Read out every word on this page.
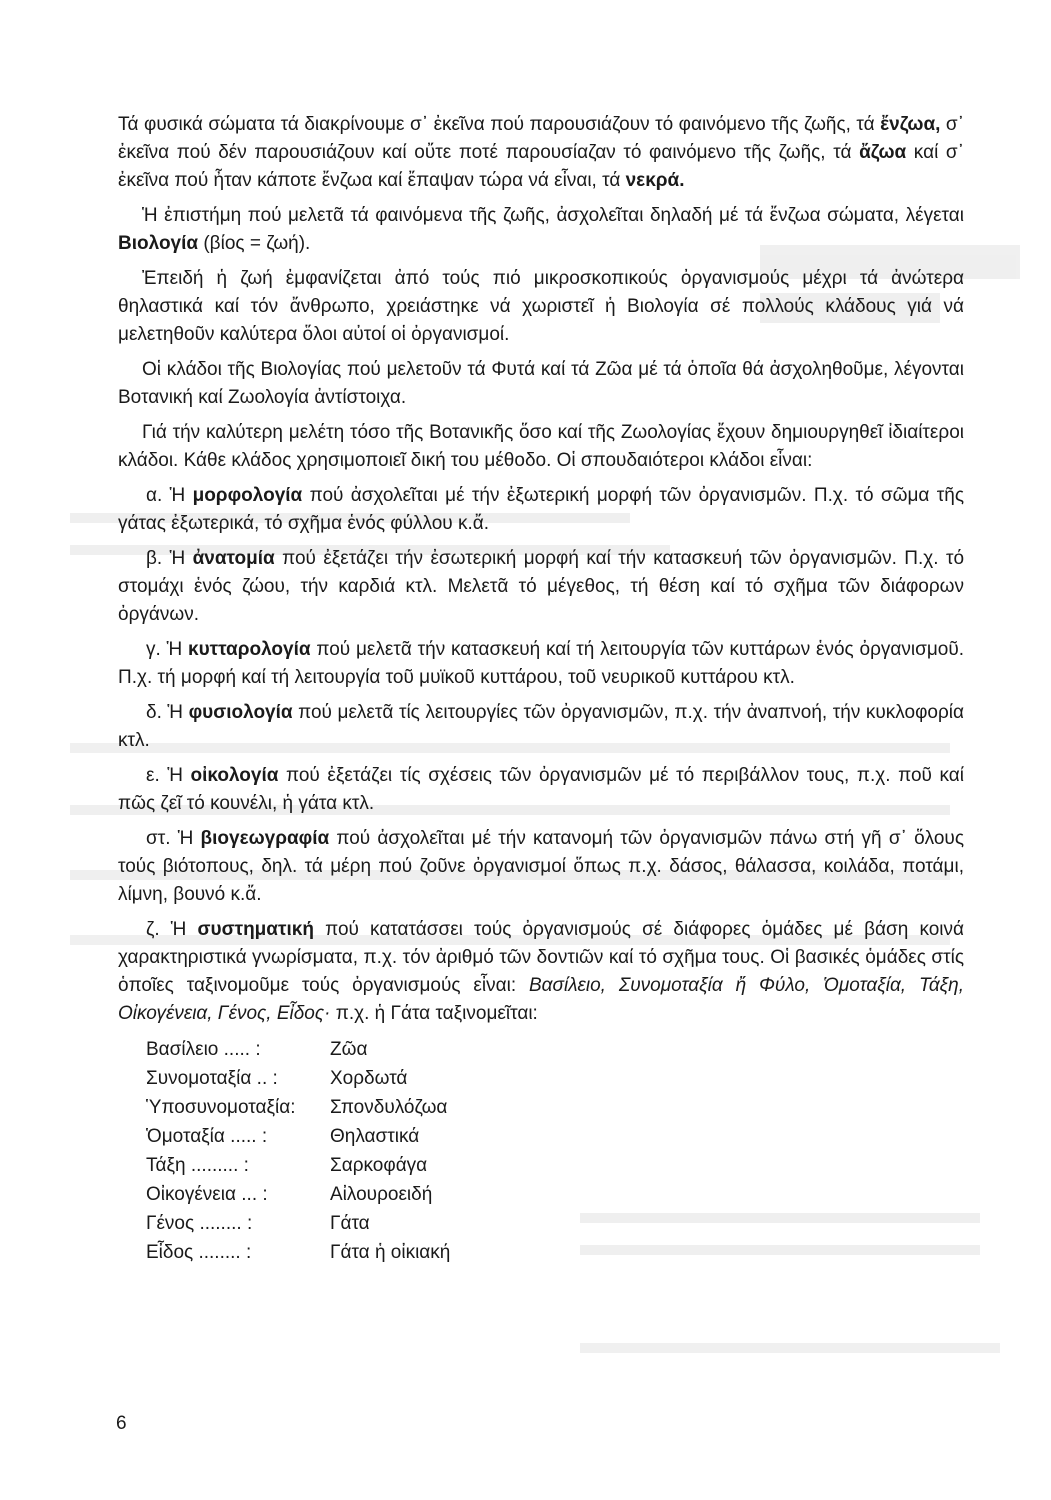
Τά φυσικά σώματα τά διακρίνουμε σ᾽ ἐκεῖνα πού παρουσιάζουν τό φαινόμενο τῆς ζωῆς, τά ἔνζωα, σ᾽ ἐκεῖνα πού δέν παρουσιάζουν καί οὔτε ποτέ παρουσίαζαν τό φαινόμενο τῆς ζωῆς, τά ἄζωα καί σ᾽ ἐκεῖνα πού ἦταν κάποτε ἔνζωα καί ἔπαψαν τώρα νά εἶναι, τά νεκρά.

Ἡ ἐπιστήμη πού μελετᾶ τά φαινόμενα τῆς ζωῆς, ἀσχολεῖται δηλαδή μέ τά ἔνζωα σώματα, λέγεται Βιολογία (βίος = ζωή).

Ἐπειδή ἡ ζωή ἐμφανίζεται ἀπό τούς πιό μικροσκοπικούς ὀργανισμούς μέχρι τά ἀνώτερα θηλαστικά καί τόν ἄνθρωπο, χρειάστηκε νά χωριστεῖ ἡ Βιολογία σέ πολλούς κλάδους γιά νά μελετηθοῦν καλύτερα ὅλοι αὐτοί οἱ ὀργανισμοί.

Οἱ κλάδοι τῆς Βιολογίας πού μελετοῦν τά Φυτά καί τά Ζῶα μέ τά ὁποῖα θά ἀσχοληθοῦμε, λέγονται Βοτανική καί Ζωολογία ἀντίστοιχα.

Γιά τήν καλύτερη μελέτη τόσο τῆς Βοτανικῆς ὅσο καί τῆς Ζωολογίας ἔχουν δημιουργηθεῖ ἰδιαίτεροι κλάδοι. Κάθε κλάδος χρησιμοποιεῖ δική του μέθοδο. Οἱ σπουδαιότεροι κλάδοι εἶναι:

α. Ἡ μορφολογία πού ἀσχολεῖται μέ τήν ἐξωτερική μορφή τῶν ὀργανισμῶν. Π.χ. τό σῶμα τῆς γάτας ἐξωτερικά, τό σχῆμα ἑνός φύλλου κ.ἄ.

β. Ἡ ἀνατομία πού ἐξετάζει τήν ἐσωτερική μορφή καί τήν κατασκευή τῶν ὀργανισμῶν. Π.χ. τό στομάχι ἑνός ζώου, τήν καρδιά κτλ. Μελετᾶ τό μέγεθος, τή θέση καί τό σχῆμα τῶν διάφορων ὀργάνων.

γ. Ἡ κυτταρολογία πού μελετᾶ τήν κατασκευή καί τή λειτουργία τῶν κυττάρων ἑνός ὀργανισμοῦ. Π.χ. τή μορφή καί τή λειτουργία τοῦ μυϊκοῦ κυττάρου, τοῦ νευρικοῦ κυττάρου κτλ.

δ. Ἡ φυσιολογία πού μελετᾶ τίς λειτουργίες τῶν ὀργανισμῶν, π.χ. τήν ἀναπνοή, τήν κυκλοφορία κτλ.

ε. Ἡ οἰκολογία πού ἐξετάζει τίς σχέσεις τῶν ὀργανισμῶν μέ τό περιβάλλον τους, π.χ. ποῦ καί πῶς ζεῖ τό κουνέλι, ἡ γάτα κτλ.

στ. Ἡ βιογεωγραφία πού ἀσχολεῖται μέ τήν κατανομή τῶν ὀργανισμῶν πάνω στή γῆ σ᾽ ὅλους τούς βιότοπους, δηλ. τά μέρη πού ζοῦνε ὀργανισμοί ὅπως π.χ. δάσος, θάλασσα, κοιλάδα, ποτάμι, λίμνη, βουνό κ.ἄ.

ζ. Ἡ συστηματική πού κατατάσσει τούς ὀργανισμούς σέ διάφορες ὁμάδες μέ βάση κοινά χαρακτηριστικά γνωρίσματα, π.χ. τόν ἀριθμό τῶν δοντιῶν καί τό σχῆμα τους. Οἱ βασικές ὁμάδες στίς ὁποῖες ταξινομοῦμε τούς ὀργανισμούς εἶναι: Βασίλειο, Συνομοταξία ἤ Φύλο, Ὁμοταξία, Τάξη, Οἰκογένεια, Γένος, Εἶδος· π.χ. ἡ Γάτα ταξινομεῖται:

Βασίλειο ..... :	Ζῶα
Συνομοταξία .. :	Χορδωτά
Ὑποσυνομοταξία:	Σπονδυλόζωα
Ὁμοταξία ..... :	Θηλαστικά
Τάξη ......... :	Σαρκοφάγα
Οἰκογένεια ... :	Αἰλουροειδή
Γένος ........ :	Γάτα
Εἶδος ........ :	Γάτα ἡ οἰκιακή
6
